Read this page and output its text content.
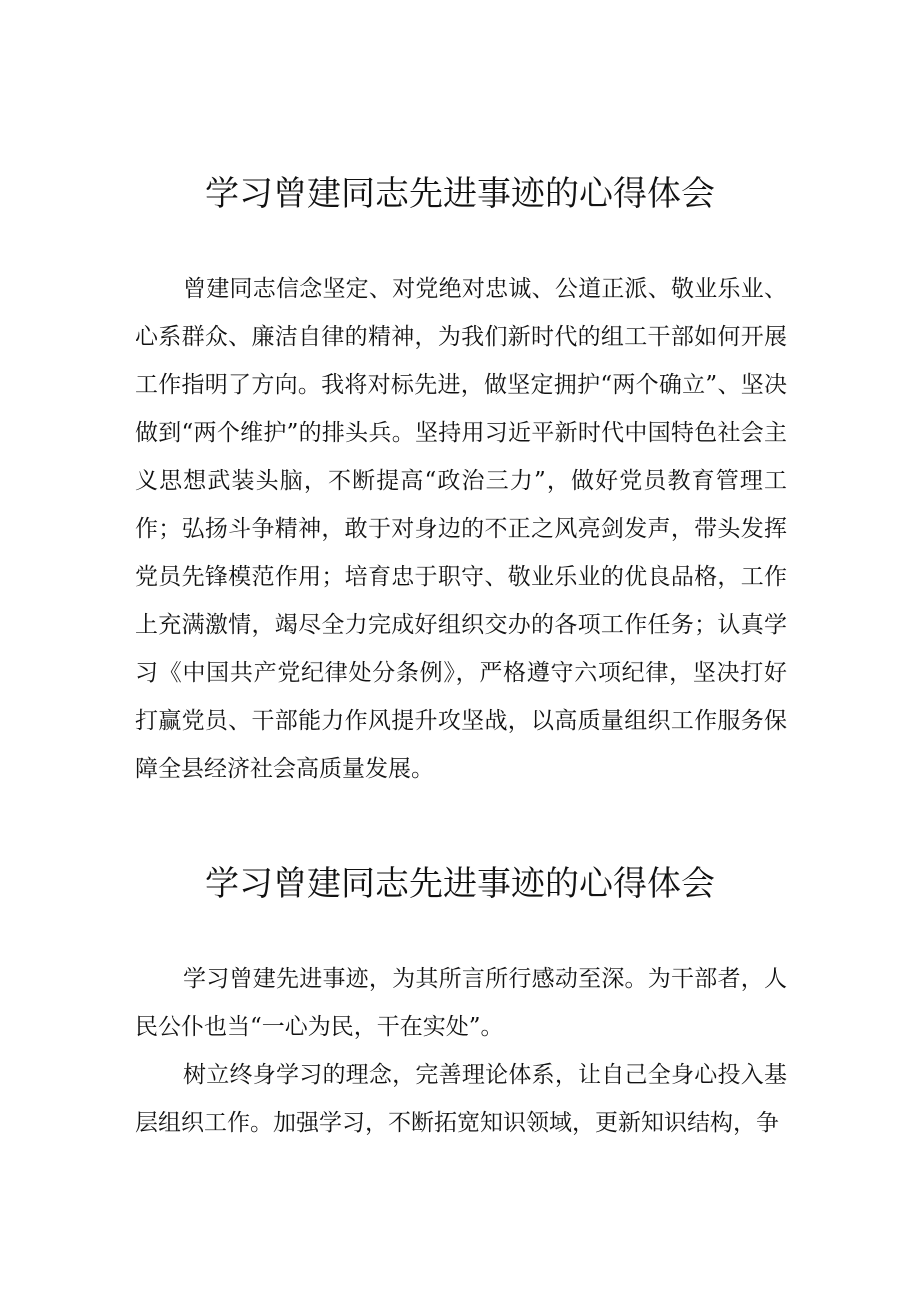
学习曾建同志先进事迹的心得体会

曾建同志信念坚定、对党绝对忠诚、公道正派、敬业乐业、心系群众、廉洁自律的精神，为我们新时代的组工干部如何开展工作指明了方向。我将对标先进，做坚定拥护“两个确立”、坚决做到“两个维护”的排头兵。坚持用习近平新时代中国特色社会主义思想武装头脑，不断提高“政治三力”，做好党员教育管理工作；弘扬斗争精神，敢于对身边的不正之风亮剑发声，带头发挥党员先锋模范作用；培育忠于职守、敬业乐业的优良品格，工作上充满激情，竭尽全力完成好组织交办的各项工作任务；认真学习《中国共产党纪律处分条例》，严格遵守六项纪律，坚决打好打赢党员、干部能力作风提升攻坚战，以高质量组织工作服务保障全县经济社会高质量发展。

学习曾建同志先进事迹的心得体会

学习曾建先进事迹，为其所言所行感动至深。为干部者，人民公仆也当“一心为民，干在实处”。

树立终身学习的理念，完善理论体系，让自己全身心投入基层组织工作。加强学习，不断拓宽知识领域，更新知识结构，争
